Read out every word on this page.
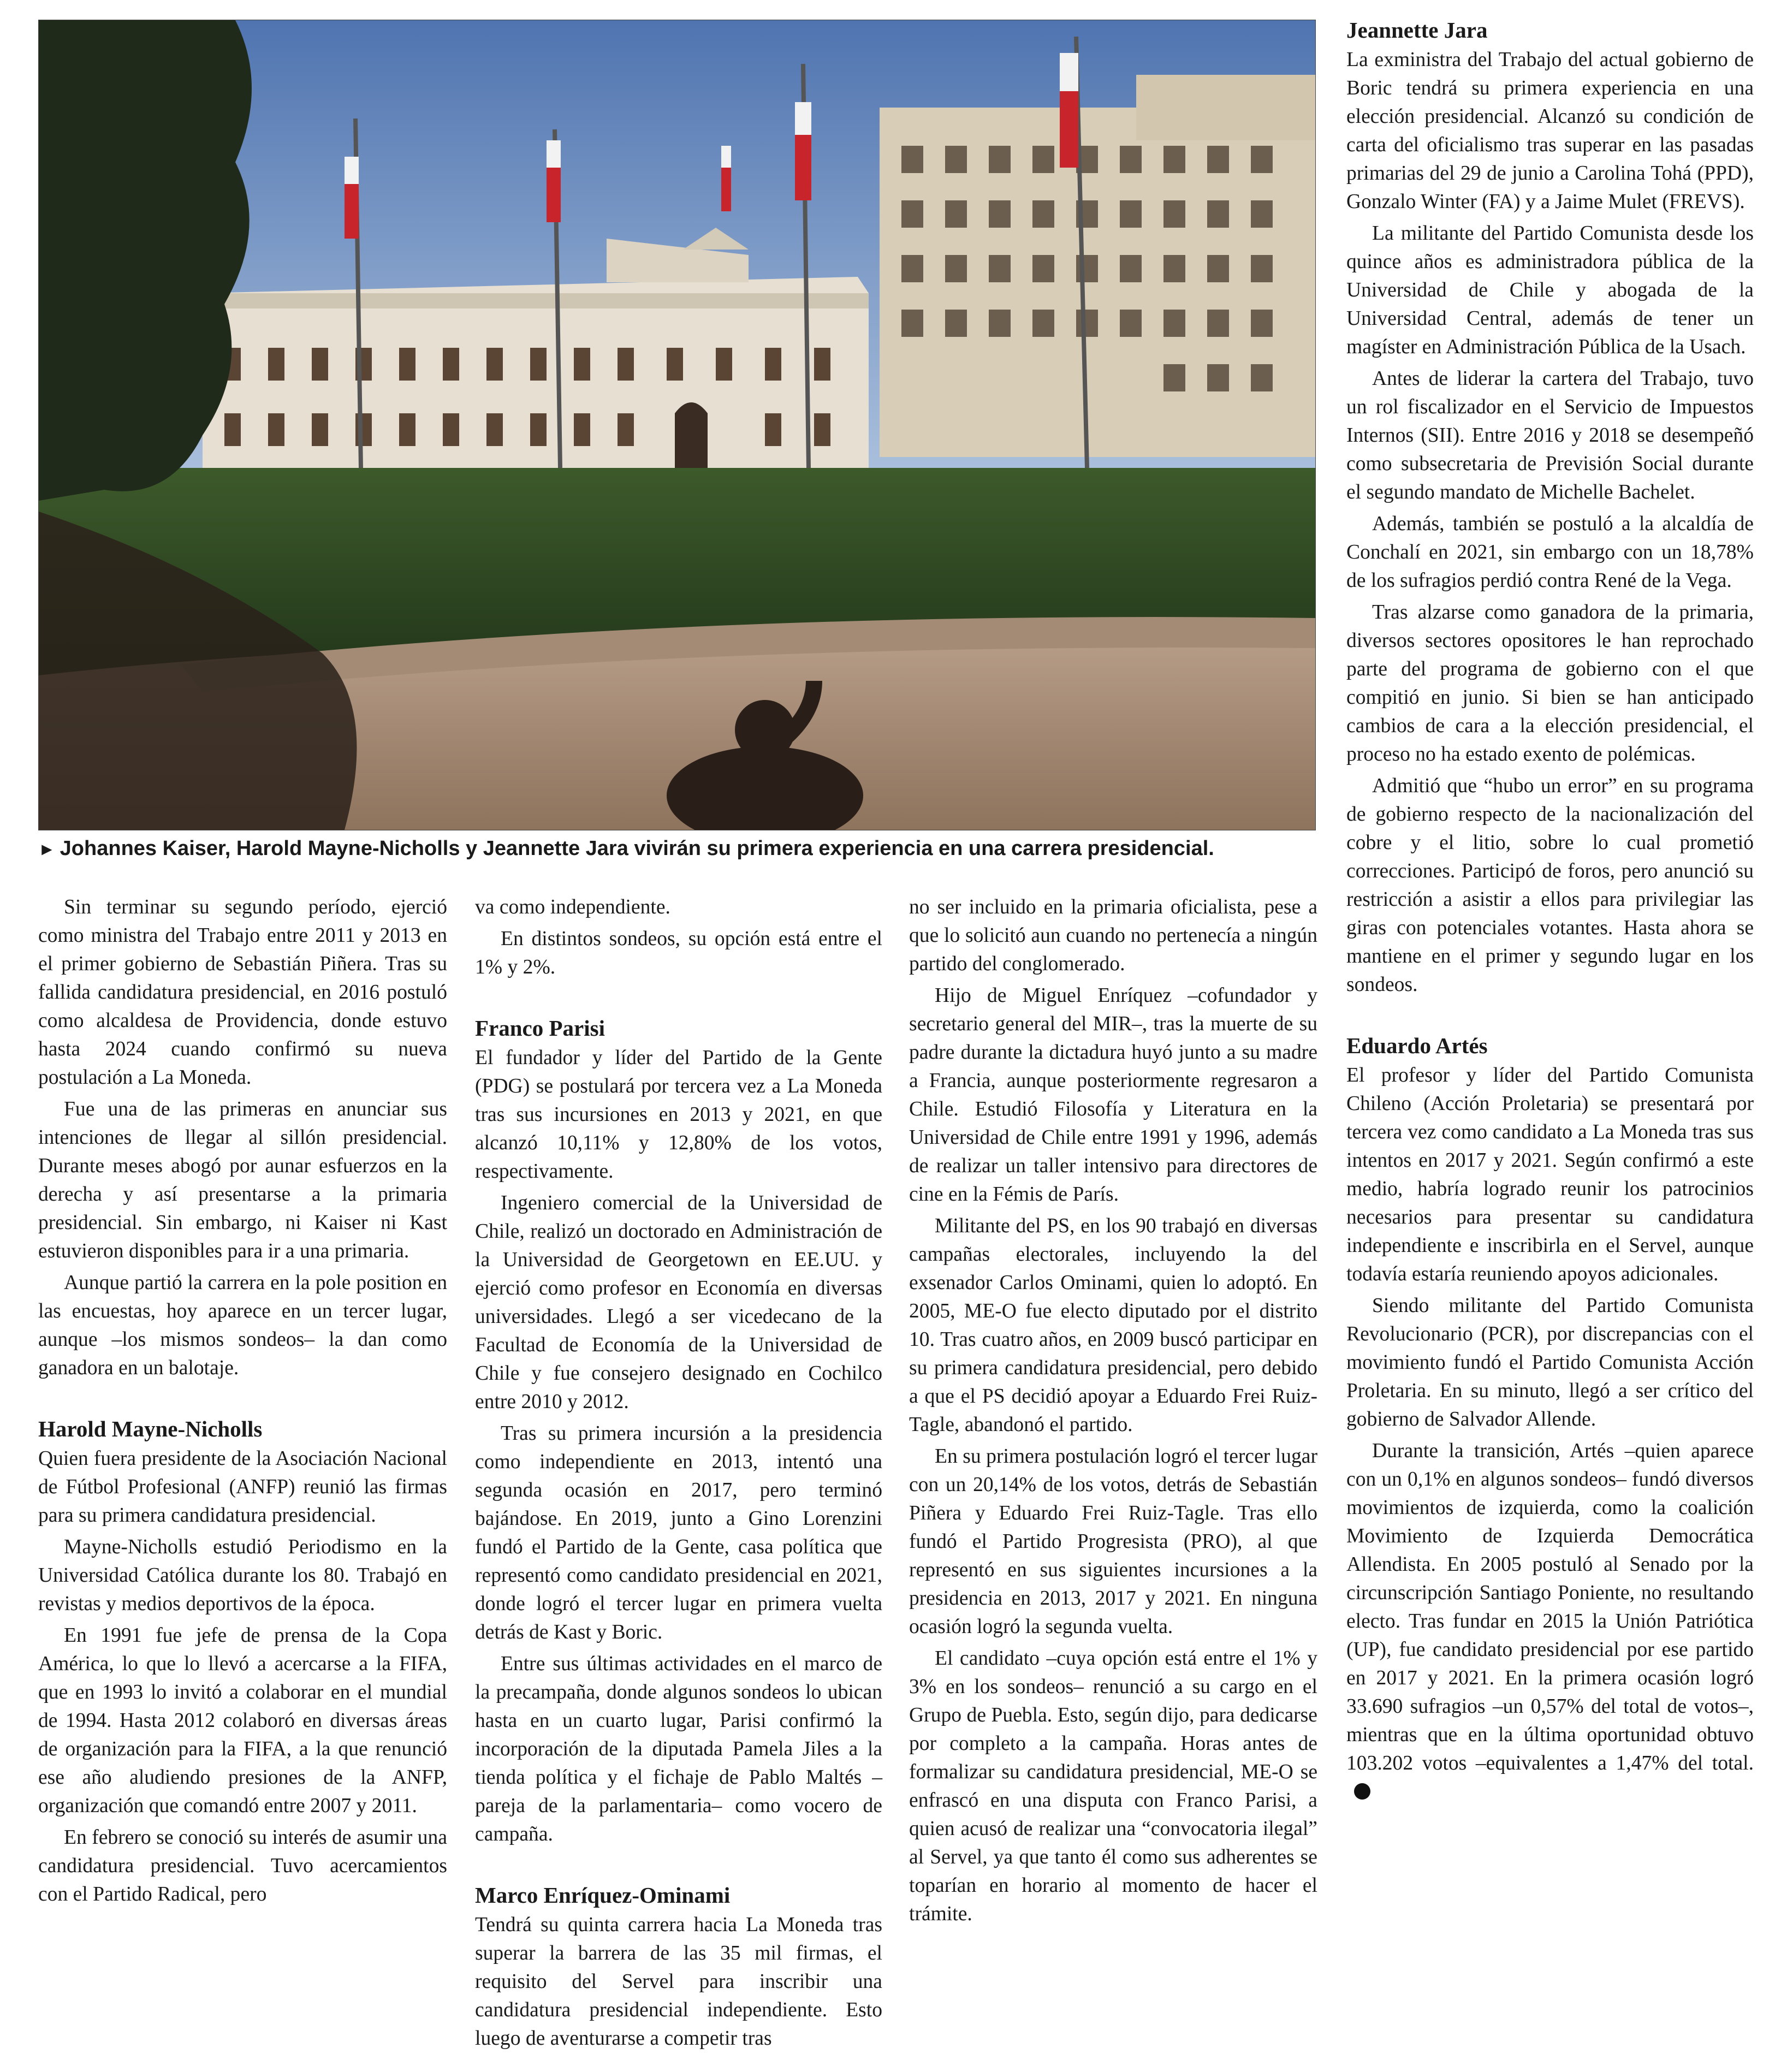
► Johannes Kaiser, Harold Mayne-Nicholls y Jeannette Jara vivirán su primera experiencia en una carrera presidencial.

Sin terminar su segundo período, ejerció como ministra del Trabajo entre 2011 y 2013 en el primer gobierno de Sebastián Piñera. Tras su fallida candidatura presidencial, en 2016 postuló como alcaldesa de Providencia, donde estuvo hasta 2024 cuando confirmó su nueva postulación a La Moneda.

Fue una de las primeras en anunciar sus intenciones de llegar al sillón presidencial. Durante meses abogó por aunar esfuerzos en la derecha y así presentarse a la primaria presidencial. Sin embargo, ni Kaiser ni Kast estuvieron disponibles para ir a una primaria.

Aunque partió la carrera en la pole position en las encuestas, hoy aparece en un tercer lugar, aunque –los mismos sondeos– la dan como ganadora en un balotaje.

Harold Mayne-Nicholls

Quien fuera presidente de la Asociación Nacional de Fútbol Profesional (ANFP) reunió las firmas para su primera candidatura presidencial.

Mayne-Nicholls estudió Periodismo en la Universidad Católica durante los 80. Trabajó en revistas y medios deportivos de la época.

En 1991 fue jefe de prensa de la Copa América, lo que lo llevó a acercarse a la FIFA, que en 1993 lo invitó a colaborar en el mundial de 1994. Hasta 2012 colaboró en diversas áreas de organización para la FIFA, a la que renunció ese año aludiendo presiones de la ANFP, organización que comandó entre 2007 y 2011.

En febrero se conoció su interés de asumir una candidatura presidencial. Tuvo acercamientos con el Partido Radical, pero

va como independiente.

En distintos sondeos, su opción está entre el 1% y 2%.

Franco Parisi

El fundador y líder del Partido de la Gente (PDG) se postulará por tercera vez a La Moneda tras sus incursiones en 2013 y 2021, en que alcanzó 10,11% y 12,80% de los votos, respectivamente.

Ingeniero comercial de la Universidad de Chile, realizó un doctorado en Administración de la Universidad de Georgetown en EE.UU. y ejerció como profesor en Economía en diversas universidades. Llegó a ser vicedecano de la Facultad de Economía de la Universidad de Chile y fue consejero designado en Cochilco entre 2010 y 2012.

Tras su primera incursión a la presidencia como independiente en 2013, intentó una segunda ocasión en 2017, pero terminó bajándose. En 2019, junto a Gino Lorenzini fundó el Partido de la Gente, casa política que representó como candidato presidencial en 2021, donde logró el tercer lugar en primera vuelta detrás de Kast y Boric.

Entre sus últimas actividades en el marco de la precampaña, donde algunos sondeos lo ubican hasta en un cuarto lugar, Parisi confirmó la incorporación de la diputada Pamela Jiles a la tienda política y el fichaje de Pablo Maltés –pareja de la parlamentaria– como vocero de campaña.

Marco Enríquez-Ominami

Tendrá su quinta carrera hacia La Moneda tras superar la barrera de las 35 mil firmas, el requisito del Servel para inscribir una candidatura presidencial independiente. Esto luego de aventurarse a competir tras

no ser incluido en la primaria oficialista, pese a que lo solicitó aun cuando no pertenecía a ningún partido del conglomerado.

Hijo de Miguel Enríquez –cofundador y secretario general del MIR–, tras la muerte de su padre durante la dictadura huyó junto a su madre a Francia, aunque posteriormente regresaron a Chile. Estudió Filosofía y Literatura en la Universidad de Chile entre 1991 y 1996, además de realizar un taller intensivo para directores de cine en la Fémis de París.

Militante del PS, en los 90 trabajó en diversas campañas electorales, incluyendo la del exsenador Carlos Ominami, quien lo adoptó. En 2005, ME-O fue electo diputado por el distrito 10. Tras cuatro años, en 2009 buscó participar en su primera candidatura presidencial, pero debido a que el PS decidió apoyar a Eduardo Frei Ruiz-Tagle, abandonó el partido.

En su primera postulación logró el tercer lugar con un 20,14% de los votos, detrás de Sebastián Piñera y Eduardo Frei Ruiz-Tagle. Tras ello fundó el Partido Progresista (PRO), al que representó en sus siguientes incursiones a la presidencia en 2013, 2017 y 2021. En ninguna ocasión logró la segunda vuelta.

El candidato –cuya opción está entre el 1% y 3% en los sondeos– renunció a su cargo en el Grupo de Puebla. Esto, según dijo, para dedicarse por completo a la campaña. Horas antes de formalizar su candidatura presidencial, ME-O se enfrascó en una disputa con Franco Parisi, a quien acusó de realizar una “convocatoria ilegal” al Servel, ya que tanto él como sus adherentes se toparían en horario al momento de hacer el trámite.

Jeannette Jara

La exministra del Trabajo del actual gobierno de Boric tendrá su primera experiencia en una elección presidencial. Alcanzó su condición de carta del oficialismo tras superar en las pasadas primarias del 29 de junio a Carolina Tohá (PPD), Gonzalo Winter (FA) y a Jaime Mulet (FREVS).

La militante del Partido Comunista desde los quince años es administradora pública de la Universidad de Chile y abogada de la Universidad Central, además de tener un magíster en Administración Pública de la Usach.

Antes de liderar la cartera del Trabajo, tuvo un rol fiscalizador en el Servicio de Impuestos Internos (SII). Entre 2016 y 2018 se desempeñó como subsecretaria de Previsión Social durante el segundo mandato de Michelle Bachelet.

Además, también se postuló a la alcaldía de Conchalí en 2021, sin embargo con un 18,78% de los sufragios perdió contra René de la Vega.

Tras alzarse como ganadora de la primaria, diversos sectores opositores le han reprochado parte del programa de gobierno con el que compitió en junio. Si bien se han anticipado cambios de cara a la elección presidencial, el proceso no ha estado exento de polémicas.

Admitió que “hubo un error” en su programa de gobierno respecto de la nacionalización del cobre y el litio, sobre lo cual prometió correcciones. Participó de foros, pero anunció su restricción a asistir a ellos para privilegiar las giras con potenciales votantes. Hasta ahora se mantiene en el primer y segundo lugar en los sondeos.

Eduardo Artés

El profesor y líder del Partido Comunista Chileno (Acción Proletaria) se presentará por tercera vez como candidato a La Moneda tras sus intentos en 2017 y 2021. Según confirmó a este medio, habría logrado reunir los patrocinios necesarios para presentar su candidatura independiente e inscribirla en el Servel, aunque todavía estaría reuniendo apoyos adicionales.

Siendo militante del Partido Comunista Revolucionario (PCR), por discrepancias con el movimiento fundó el Partido Comunista Acción Proletaria. En su minuto, llegó a ser crítico del gobierno de Salvador Allende.

Durante la transición, Artés –quien aparece con un 0,1% en algunos sondeos– fundó diversos movimientos de izquierda, como la coalición Movimiento de Izquierda Democrática Allendista. En 2005 postuló al Senado por la circunscripción Santiago Poniente, no resultando electo. Tras fundar en 2015 la Unión Patriótica (UP), fue candidato presidencial por ese partido en 2017 y 2021. En la primera ocasión logró 33.690 sufragios –un 0,57% del total de votos–, mientras que en la última oportunidad obtuvo 103.202 votos –equivalentes a 1,47% del total.
